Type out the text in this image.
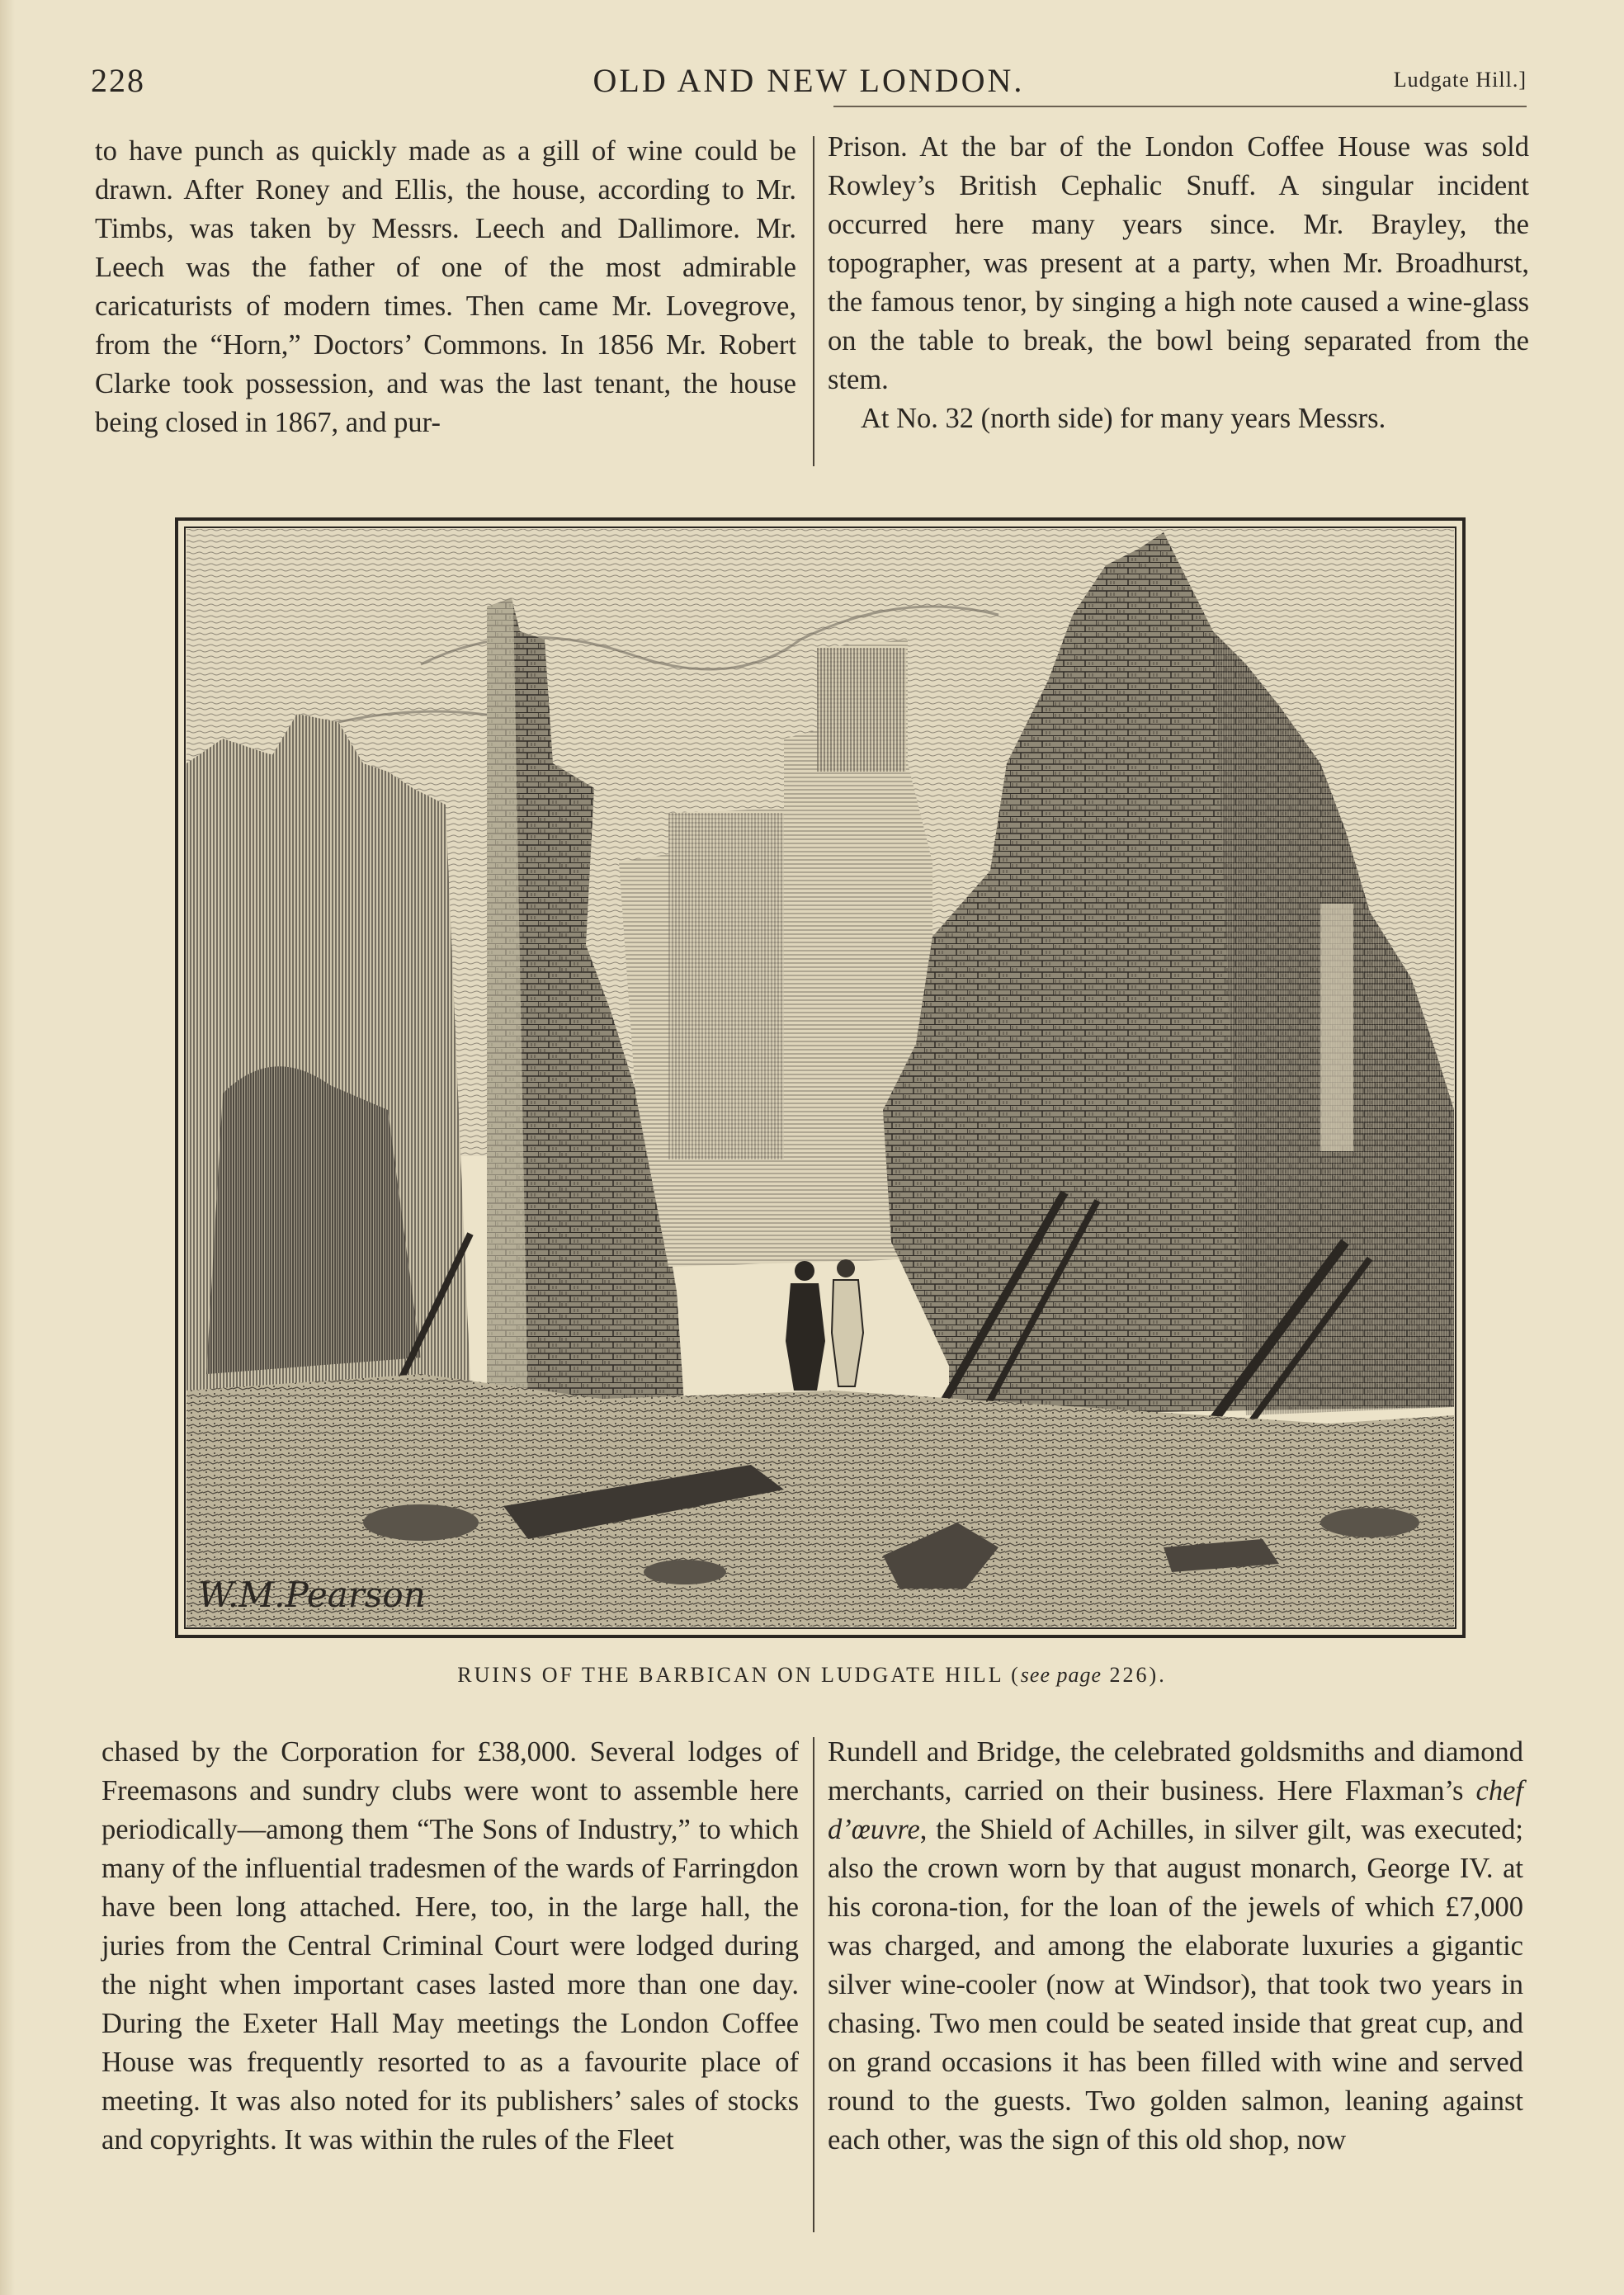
228	OLD AND NEW LONDON.	Ludgate Hill.]

to have punch as quickly made as a gill of wine could be drawn. After Roney and Ellis, the house, according to Mr. Timbs, was taken by Messrs. Leech and Dallimore. Mr. Leech was the father of one of the most admirable caricaturists of modern times. Then came Mr. Lovegrove, from the “Horn,” Doctors’ Commons. In 1856 Mr. Robert Clarke took possession, and was the last tenant, the house being closed in 1867, and pur-

Prison. At the bar of the London Coffee House was sold Rowley’s British Cephalic Snuff. A singular incident occurred here many years since. Mr. Brayley, the topographer, was present at a party, when Mr. Broadhurst, the famous tenor, by singing a high note caused a wine-glass on the table to break, the bowl being separated from the stem.

At No. 32 (north side) for many years Messrs.

W.M.Pearson
RUINS OF THE BARBICAN ON LUDGATE HILL (see page 226).

chased by the Corporation for £38,000. Several lodges of Freemasons and sundry clubs were wont to assemble here periodically—among them “The Sons of Industry,” to which many of the influential tradesmen of the wards of Farringdon have been long attached. Here, too, in the large hall, the juries from the Central Criminal Court were lodged during the night when important cases lasted more than one day. During the Exeter Hall May meetings the London Coffee House was frequently resorted to as a favourite place of meeting. It was also noted for its publishers’ sales of stocks and copyrights. It was within the rules of the Fleet

Rundell and Bridge, the celebrated goldsmiths and diamond merchants, carried on their business. Here Flaxman’s chef d’œuvre, the Shield of Achilles, in silver gilt, was executed; also the crown worn by that august monarch, George IV. at his corona-tion, for the loan of the jewels of which £7,000 was charged, and among the elaborate luxuries a gigantic silver wine-cooler (now at Windsor), that took two years in chasing. Two men could be seated inside that great cup, and on grand occasions it has been filled with wine and served round to the guests. Two golden salmon, leaning against each other, was the sign of this old shop, now
